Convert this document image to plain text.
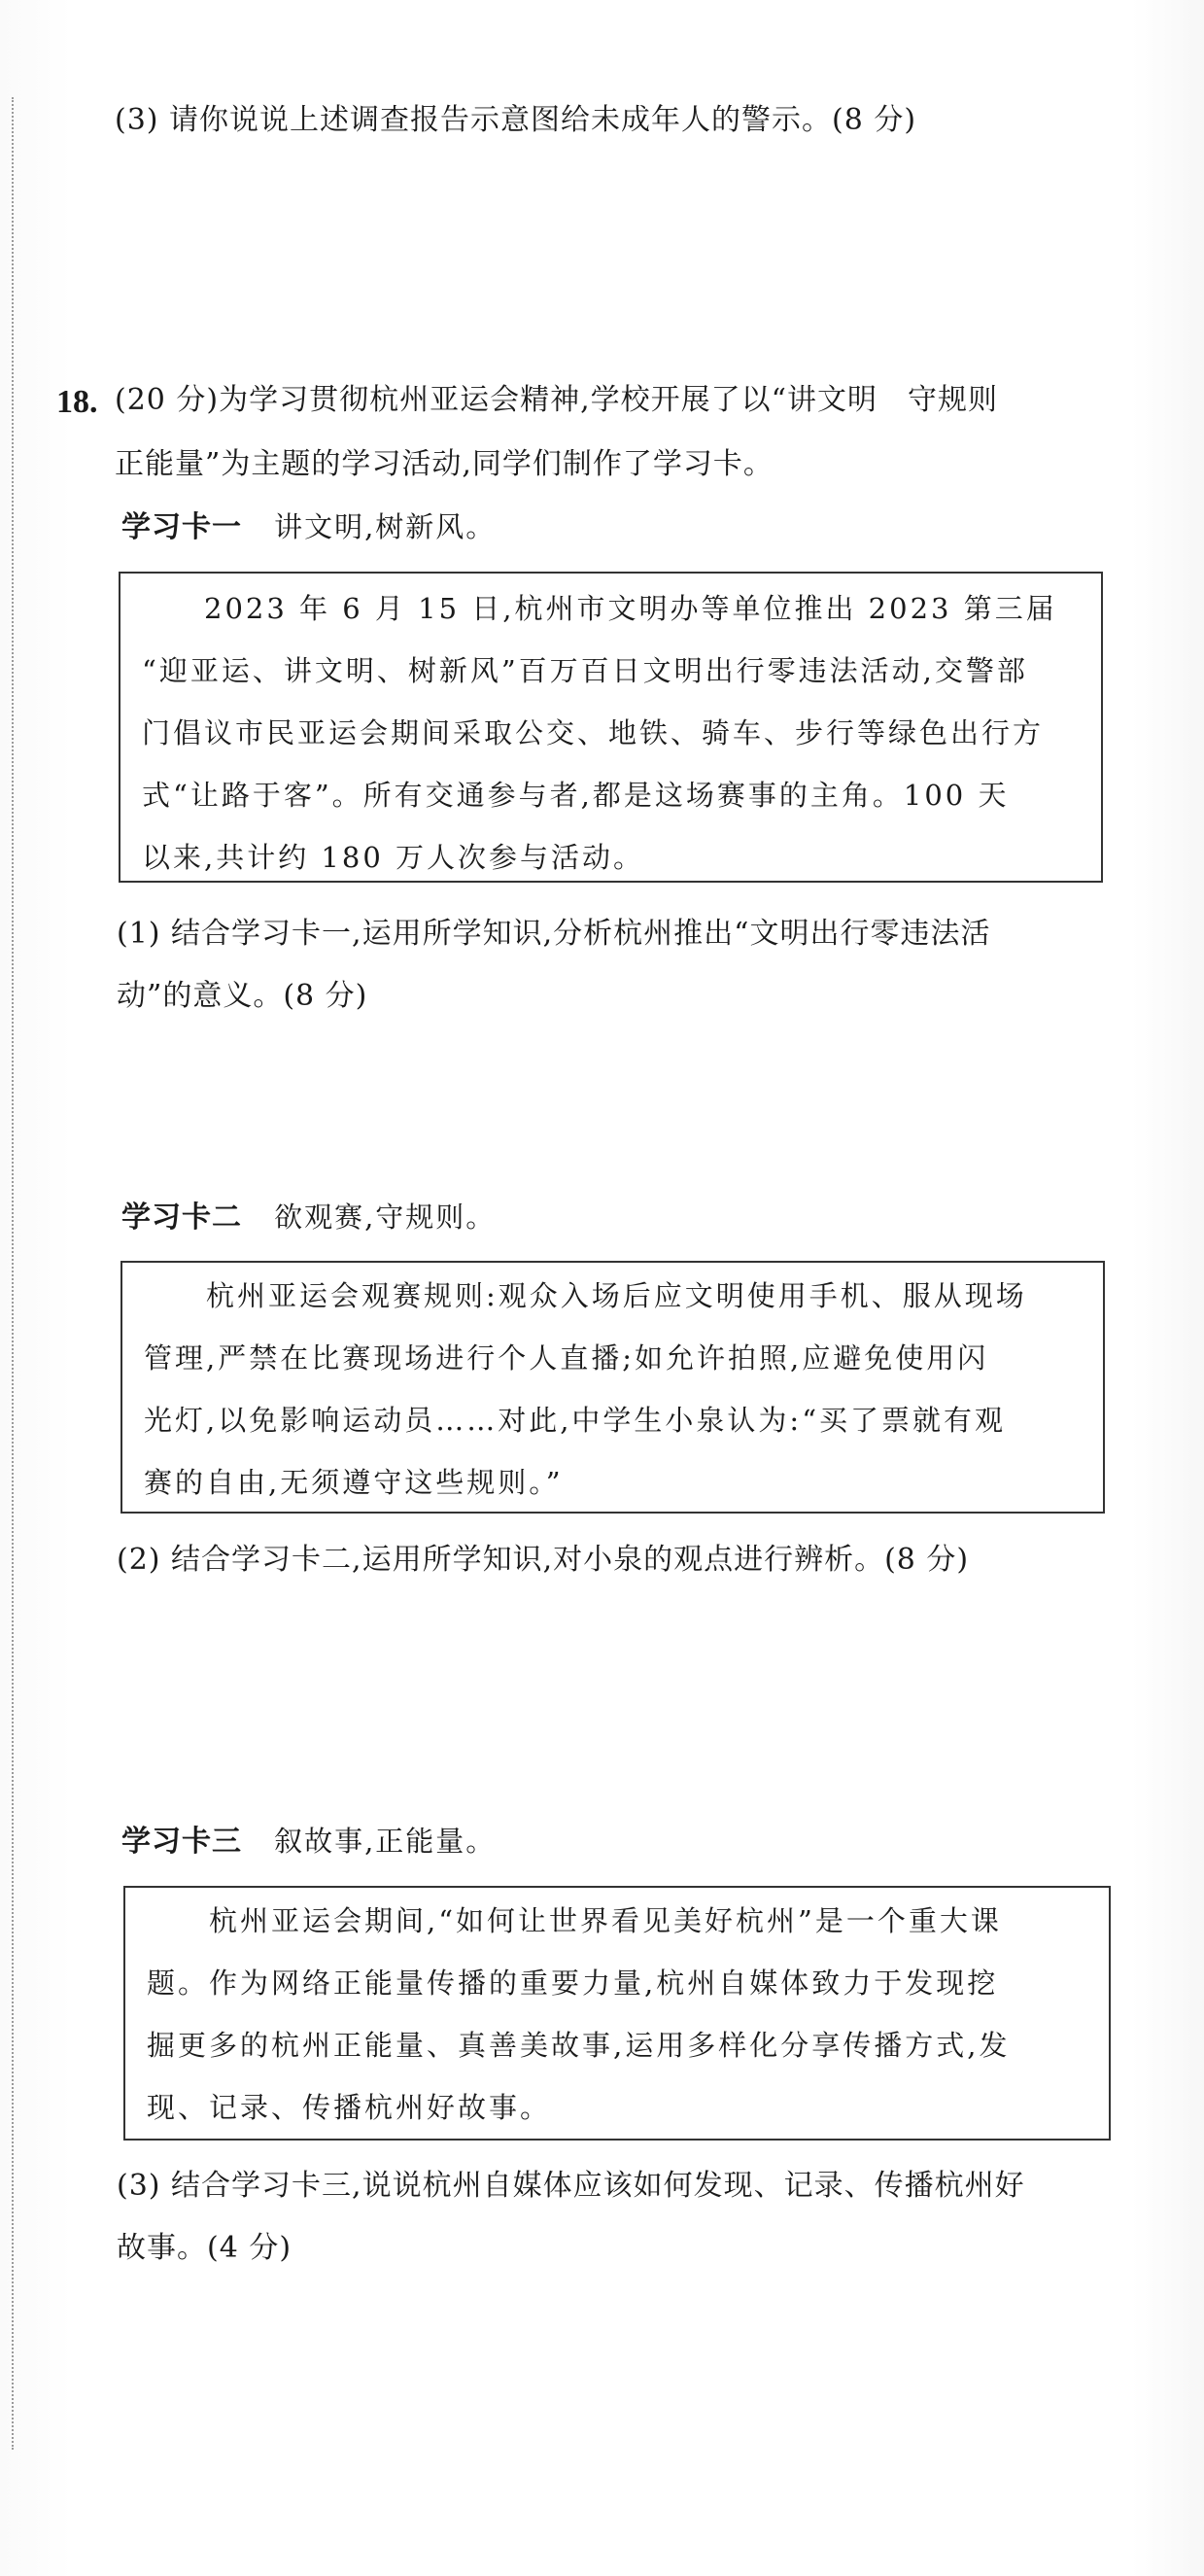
(3) 请你说说上述调查报告示意图给未成年人的警示。(8 分)
18. (20 分)为学习贯彻杭州亚运会精神,学校开展了以“讲文明　守规则
正能量”为主题的学习活动,同学们制作了学习卡。
学习卡一 讲文明,树新风。
2023 年 6 月 15 日,杭州市文明办等单位推出 2023 第三届
“迎亚运、讲文明、树新风”百万百日文明出行零违法活动,交警部
门倡议市民亚运会期间采取公交、地铁、骑车、步行等绿色出行方
式“让路于客”。所有交通参与者,都是这场赛事的主角。100 天
以来,共计约 180 万人次参与活动。
(1) 结合学习卡一,运用所学知识,分析杭州推出“文明出行零违法活
动”的意义。(8 分)
学习卡二 欲观赛,守规则。
杭州亚运会观赛规则:观众入场后应文明使用手机、服从现场
管理,严禁在比赛现场进行个人直播;如允许拍照,应避免使用闪
光灯,以免影响运动员……对此,中学生小泉认为:“买了票就有观
赛的自由,无须遵守这些规则。”
(2) 结合学习卡二,运用所学知识,对小泉的观点进行辨析。(8 分)
学习卡三 叙故事,正能量。
杭州亚运会期间,“如何让世界看见美好杭州”是一个重大课
题。作为网络正能量传播的重要力量,杭州自媒体致力于发现挖
掘更多的杭州正能量、真善美故事,运用多样化分享传播方式,发
现、记录、传播杭州好故事。
(3) 结合学习卡三,说说杭州自媒体应该如何发现、记录、传播杭州好
故事。(4 分)
